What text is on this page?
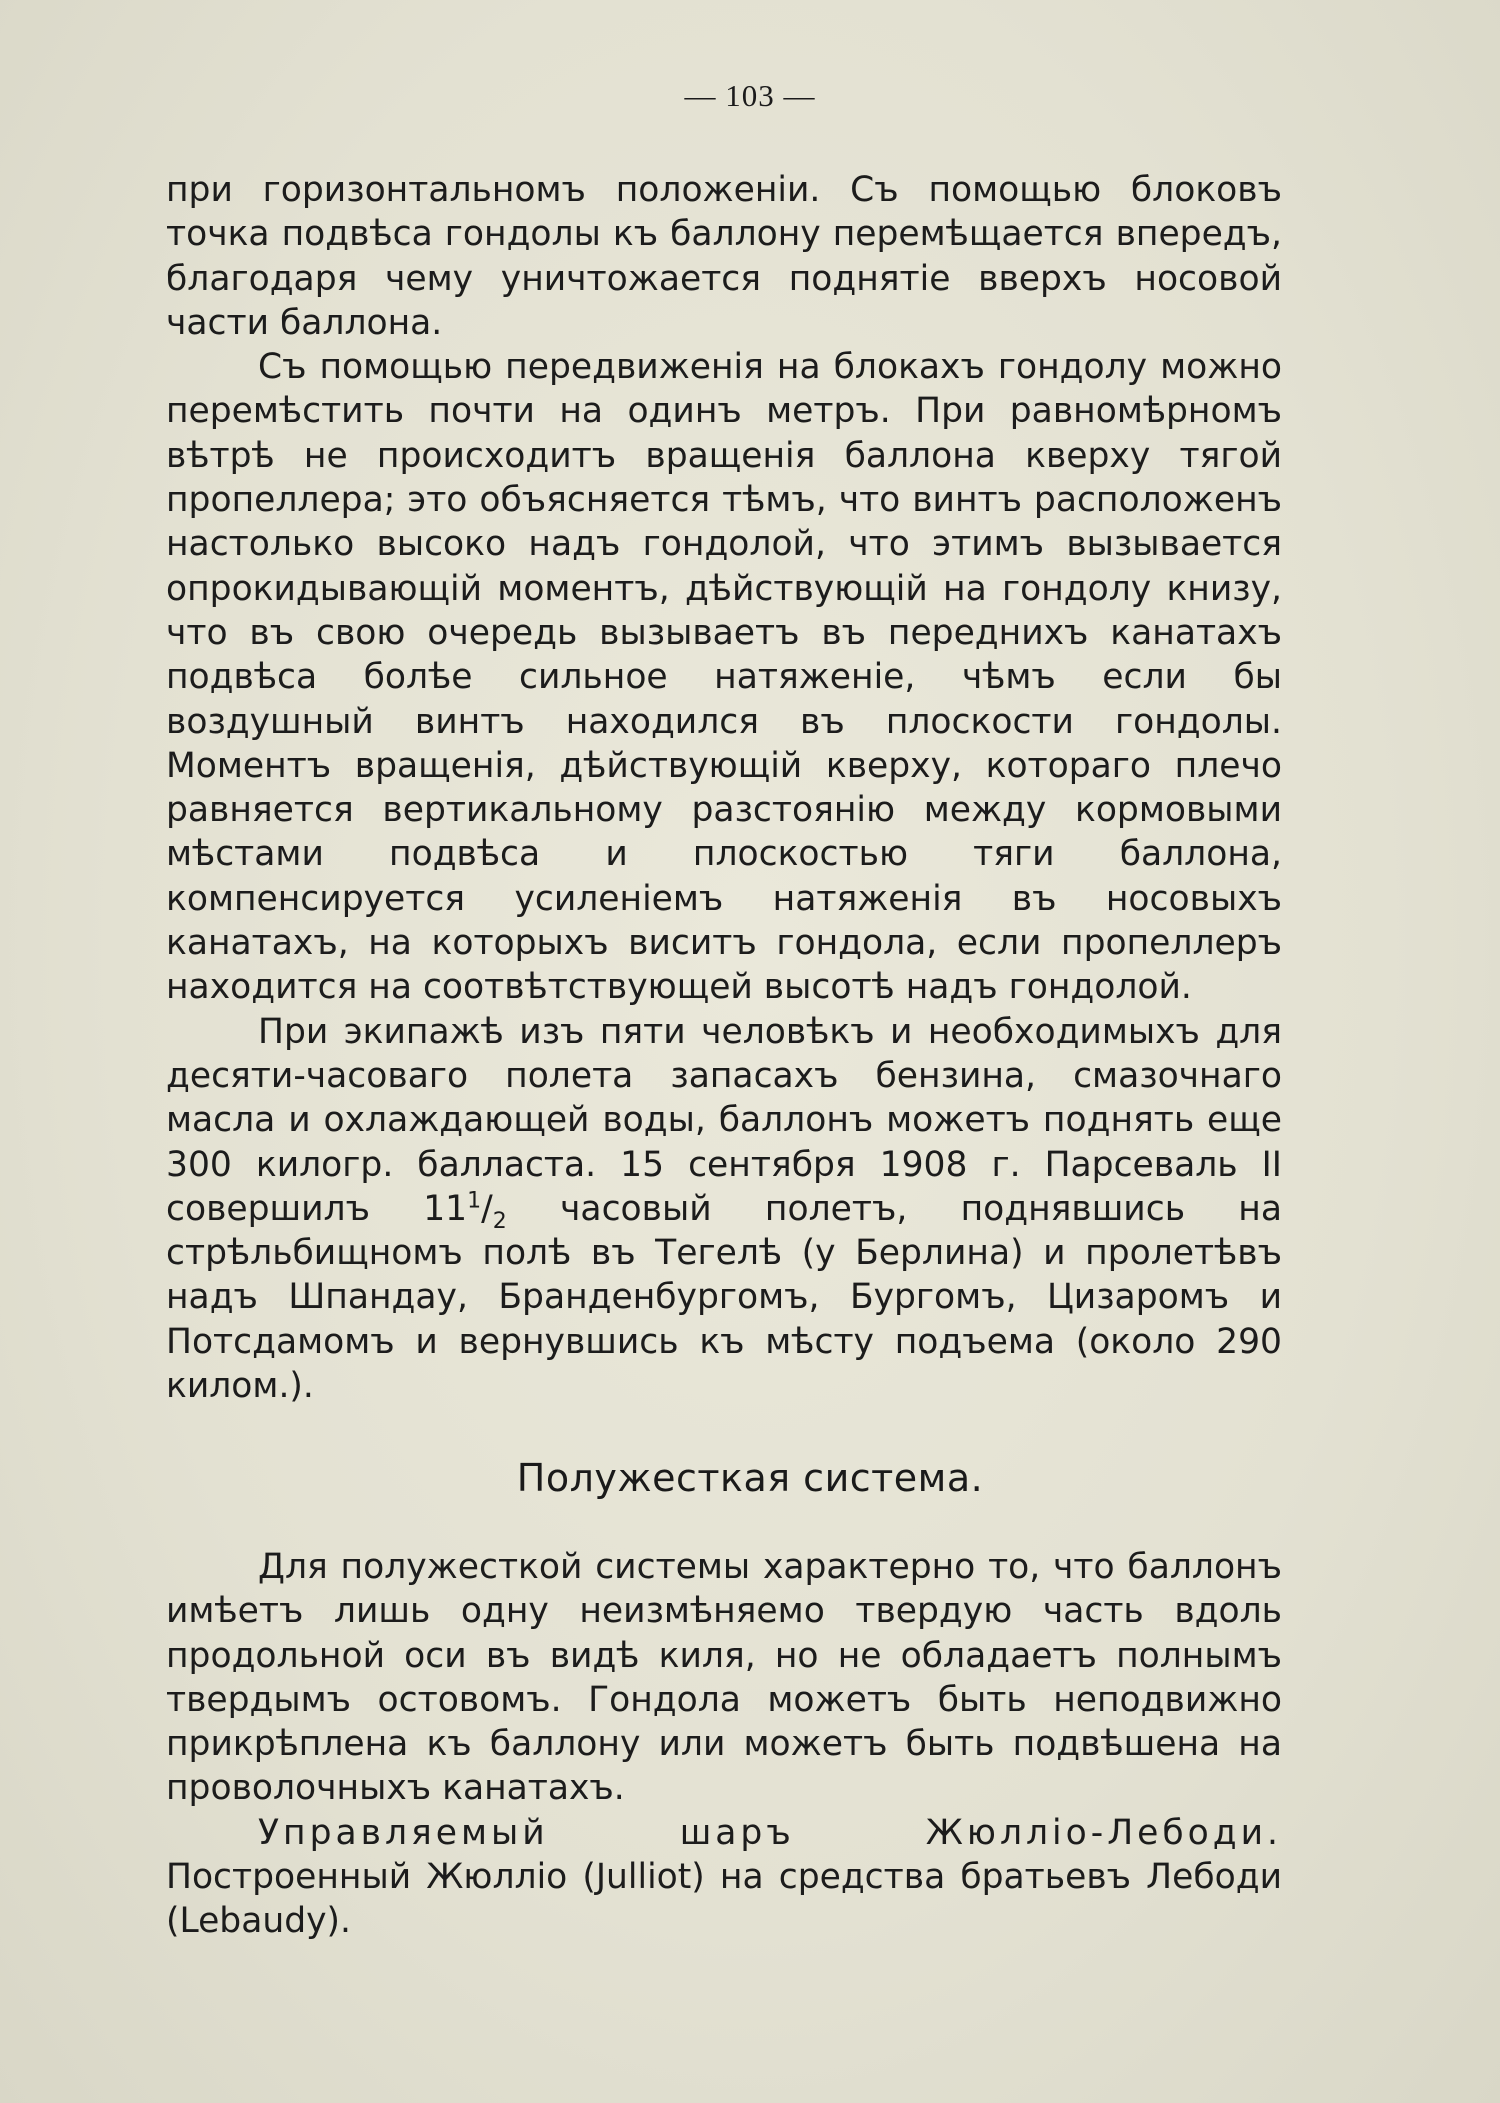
— 103 —

при горизонтальномъ положенiи. Съ помощью блоковъ точка подвѣса гондолы къ баллону перемѣщается впередъ, благодаря чему уничтожается поднятiе вверхъ носовой части баллона.

Съ помощью передвиженiя на блокахъ гондолу можно перемѣстить почти на одинъ метръ. При равномѣрномъ вѣтрѣ не происходитъ вращенiя баллона кверху тягой пропеллера; это объясняется тѣмъ, что винтъ расположенъ настолько высоко надъ гондолой, что этимъ вызывается опрокидывающiй моментъ, дѣйствующiй на гондолу книзу, что въ свою очередь вызываетъ въ переднихъ канатахъ подвѣса болѣе сильное натяженiе, чѣмъ если бы воздушный винтъ находился въ плоскости гондолы. Моментъ вращенiя, дѣйствующiй кверху, котораго плечо равняется вертикальному разстоянiю между кормовыми мѣстами подвѣса и плоскостью тяги баллона, компенсируется усиленiемъ натяженiя въ носовыхъ канатахъ, на которыхъ виситъ гондола, если пропеллеръ находится на соотвѣтствующей высотѣ надъ гондолой.

При экипажѣ изъ пяти человѣкъ и необходимыхъ для десяти-часоваго полета запасахъ бензина, смазочнаго масла и охлаждающей воды, баллонъ можетъ поднять еще 300 килогр. балласта. 15 сентября 1908 г. Парсеваль II совершилъ $11^1/_2$ часовый полетъ, поднявшись на стрѣльбищномъ полѣ въ Тегелѣ (у Берлина) и пролетѣвъ надъ Шпандау, Бранденбургомъ, Бургомъ, Цизаромъ и Потсдамомъ и вернувшись къ мѣсту подъема (около 290 килом.).

Полужесткая система.

Для полужесткой системы характерно то, что баллонъ имѣетъ лишь одну неизмѣняемо твердую часть вдоль продольной оси въ видѣ киля, но не обладаетъ полнымъ твердымъ остовомъ. Гондола можетъ быть неподвижно прикрѣплена къ баллону или можетъ быть подвѣшена на проволочныхъ канатахъ.

Управляемый шаръ Жюллiо-Лебоди. Построенный Жюллiо (Julliot) на средства братьевъ Лебоди (Lebaudy).
